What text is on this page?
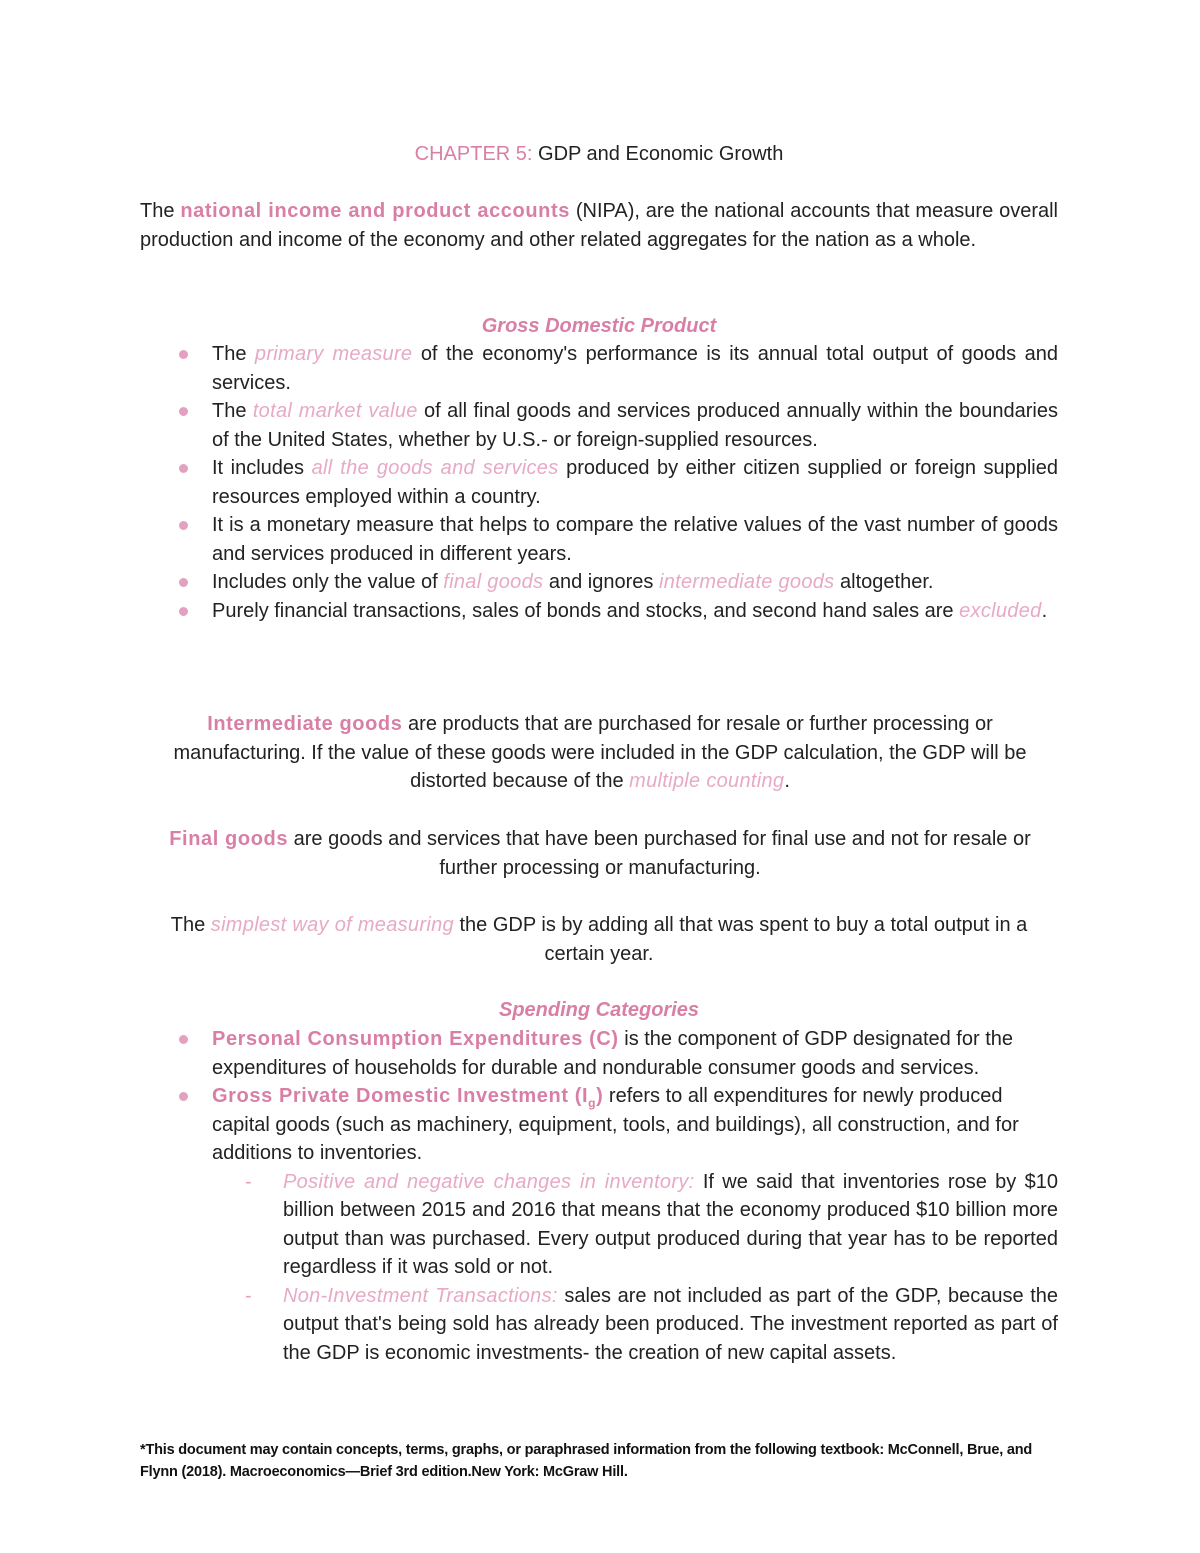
CHAPTER 5: GDP and Economic Growth
The national income and product accounts (NIPA), are the national accounts that measure overall production and income of the economy and other related aggregates for the nation as a whole.
Gross Domestic Product
The primary measure of the economy's performance is its annual total output of goods and services.
The total market value of all final goods and services produced annually within the boundaries of the United States, whether by U.S.- or foreign-supplied resources.
It includes all the goods and services produced by either citizen supplied or foreign supplied resources employed within a country.
It is a monetary measure that helps to compare the relative values of the vast number of goods and services produced in different years.
Includes only the value of final goods and ignores intermediate goods altogether.
Purely financial transactions, sales of bonds and stocks, and second hand sales are excluded.
Intermediate goods are products that are purchased for resale or further processing or manufacturing. If the value of these goods were included in the GDP calculation, the GDP will be distorted because of the multiple counting.
Final goods are goods and services that have been purchased for final use and not for resale or further processing or manufacturing.
The simplest way of measuring the GDP is by adding all that was spent to buy a total output in a certain year.
Spending Categories
Personal Consumption Expenditures (C) is the component of GDP designated for the expenditures of households for durable and nondurable consumer goods and services.
Gross Private Domestic Investment $(I_g)$ refers to all expenditures for newly produced capital goods (such as machinery, equipment, tools, and buildings), all construction, and for additions to inventories.
- Positive and negative changes in inventory: If we said that inventories rose by $10 billion between 2015 and 2016 that means that the economy produced $10 billion more output than was purchased. Every output produced during that year has to be reported regardless if it was sold or not.
- Non-Investment Transactions: sales are not included as part of the GDP, because the output that's being sold has already been produced. The investment reported as part of the GDP is economic investments- the creation of new capital assets.
*This document may contain concepts, terms, graphs, or paraphrased information from the following textbook: McConnell, Brue, and Flynn (2018). Macroeconomics—Brief 3rd edition.New York: McGraw Hill.
